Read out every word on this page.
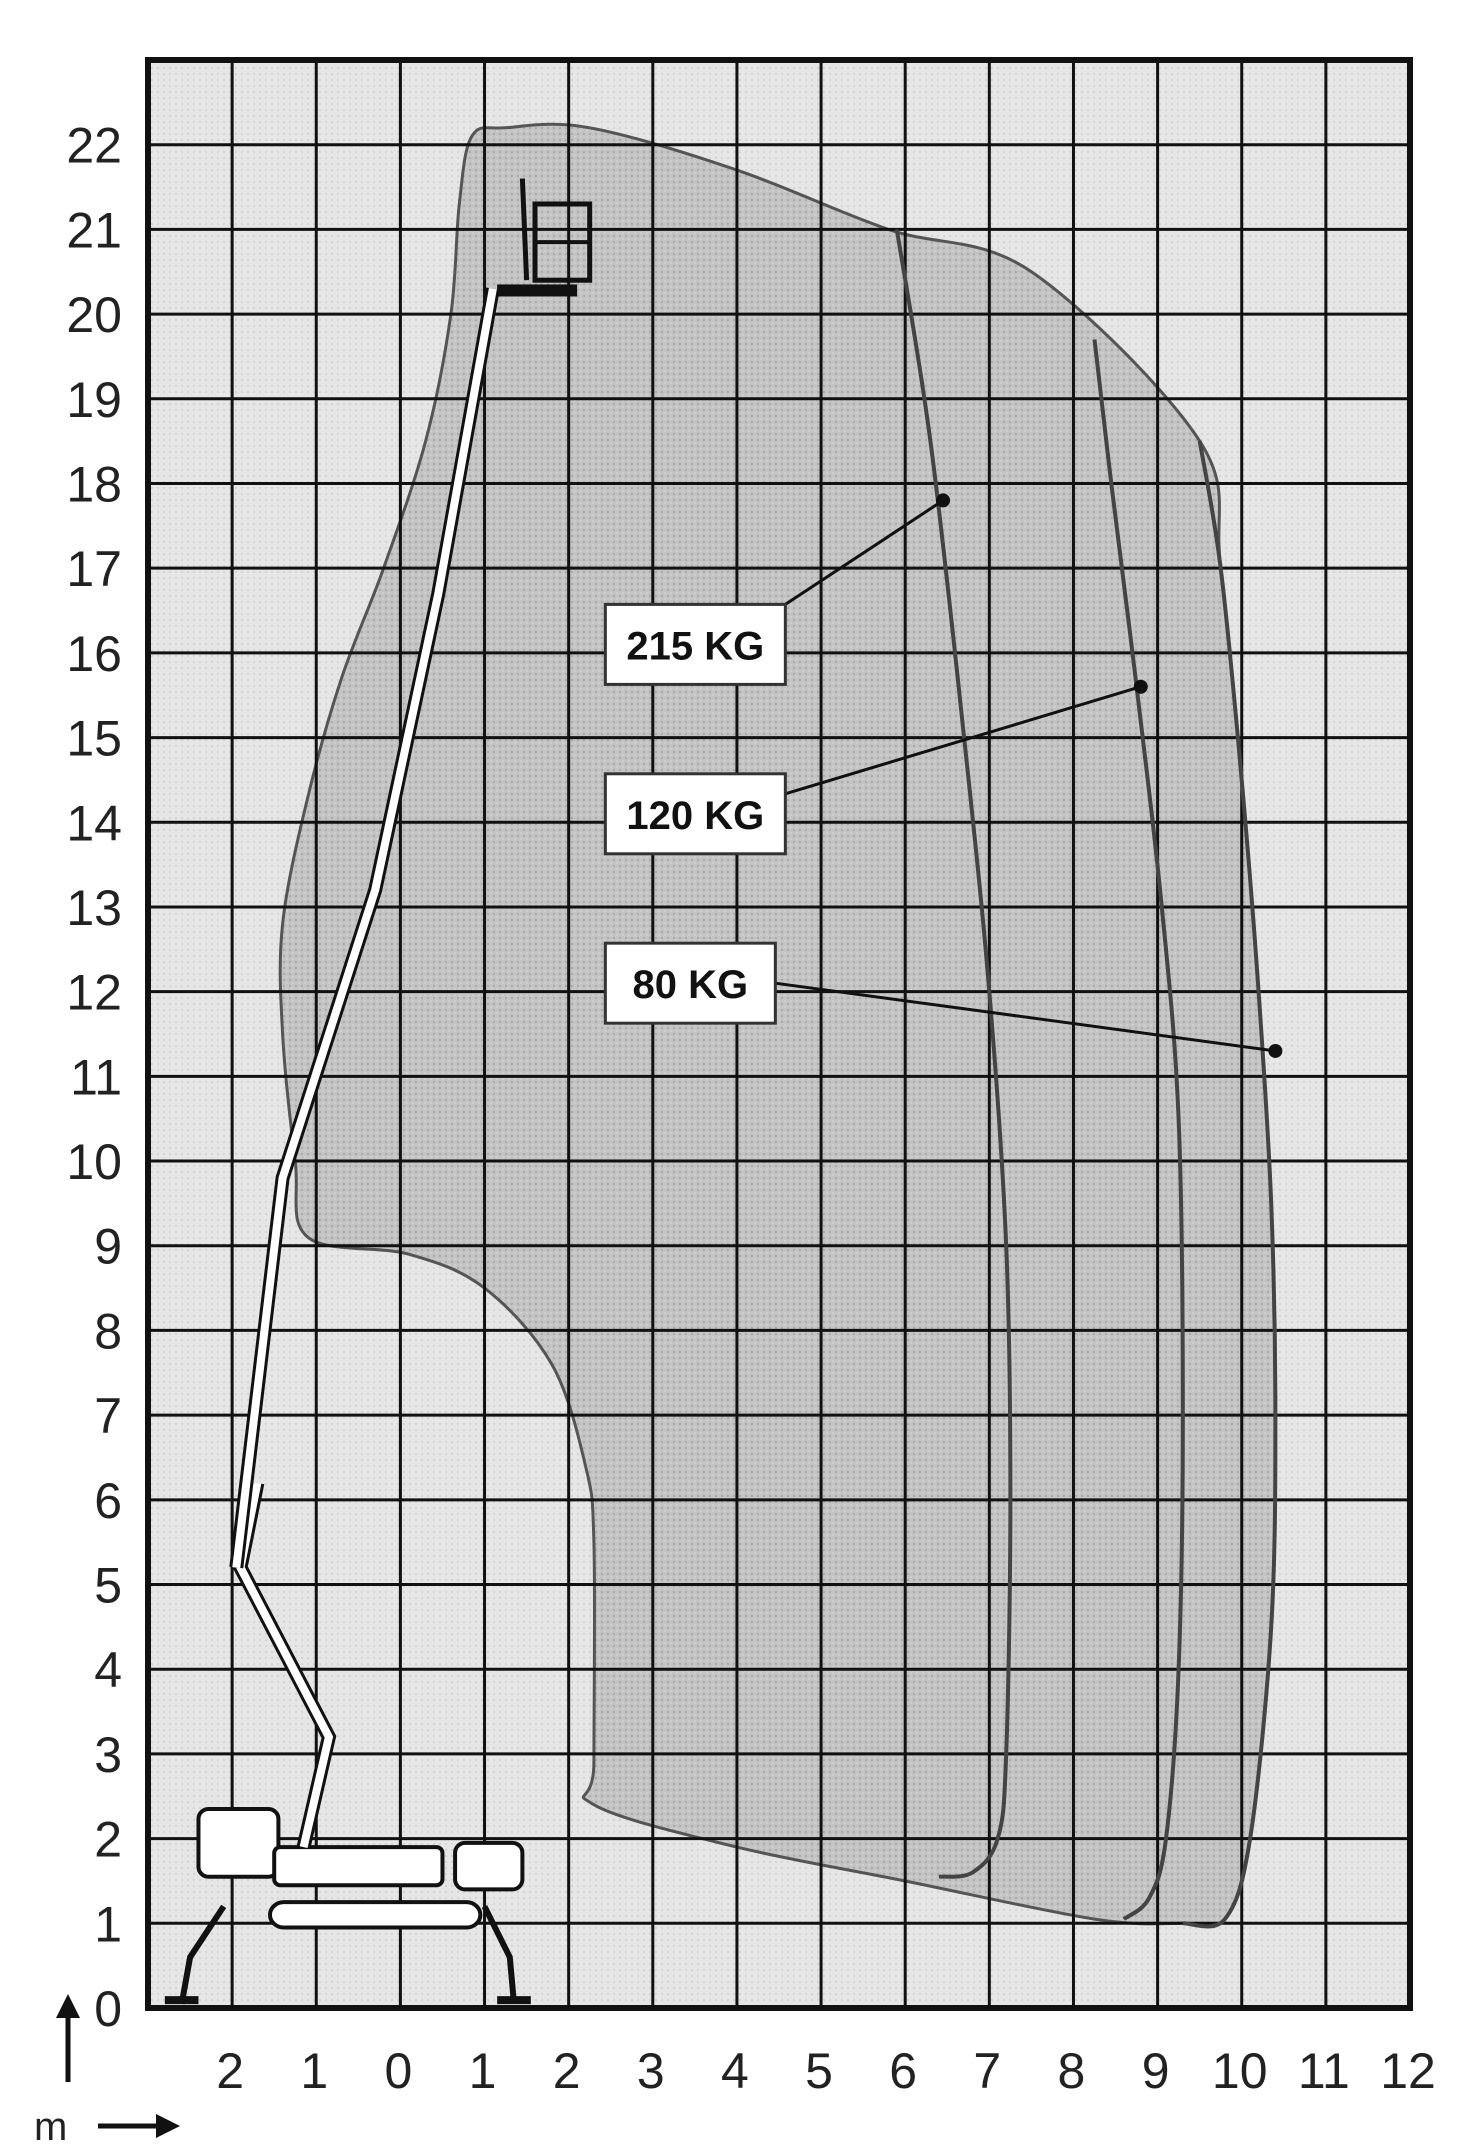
215 KG
120 KG
80 KG
2 1 0 1 2 3 4 5 6 7 8 9 10 11 12
0
1
2
3
4
5
6
7
8
9
10
11
12
13
14
15
16
17
18
19
20
21
22
m
